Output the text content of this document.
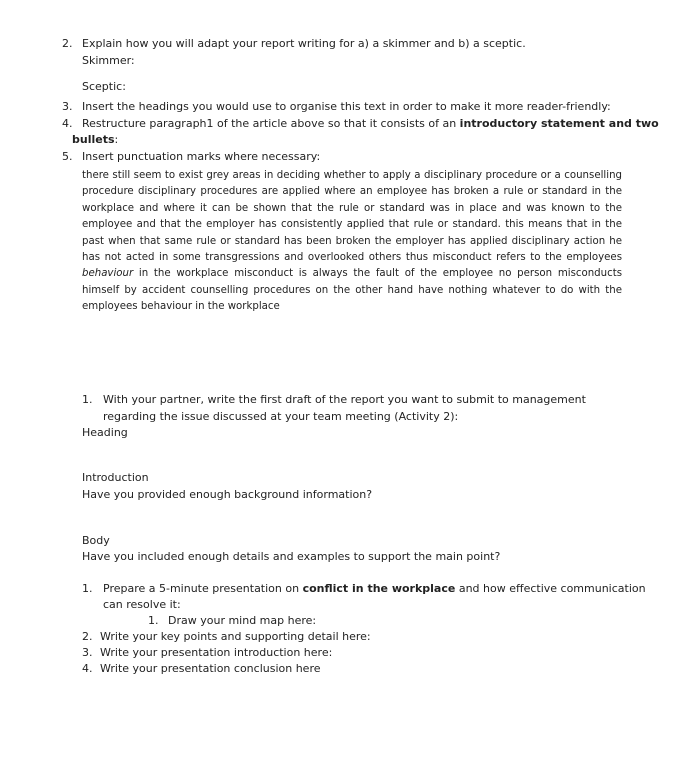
2. Explain how you will adapt your report writing for a) a skimmer and b) a sceptic.
Skimmer:
Sceptic:
3. Insert the headings you would use to organise this text in order to make it more reader-friendly:
4. Restructure paragraph1 of the article above so that it consists of an introductory statement and two
bullets:
5. Insert punctuation marks where necessary:
there still seem to exist grey areas in deciding whether to apply a disciplinary procedure or a counselling procedure disciplinary procedures are applied where an employee has broken a rule or standard in the workplace and where it can be shown that the rule or standard was in place and was known to the employee and that the employer has consistently applied that rule or standard. this means that in the past when that same rule or standard has been broken the employer has applied disciplinary action he has not acted in some transgressions and overlooked others thus misconduct refers to the employees behaviour in the workplace misconduct is always the fault of the employee no person misconducts himself by accident counselling procedures on the other hand have nothing whatever to do with the employees behaviour in the workplace
1. With your partner, write the first draft of the report you want to submit to management
regarding the issue discussed at your team meeting (Activity 2):
Heading
Introduction
Have you provided enough background information?
Body
Have you included enough details and examples to support the main point?
1. Prepare a 5-minute presentation on conflict in the workplace and how effective communication
can resolve it:
1. Draw your mind map here:
2. Write your key points and supporting detail here:
3. Write your presentation introduction here:
4. Write your presentation conclusion here
